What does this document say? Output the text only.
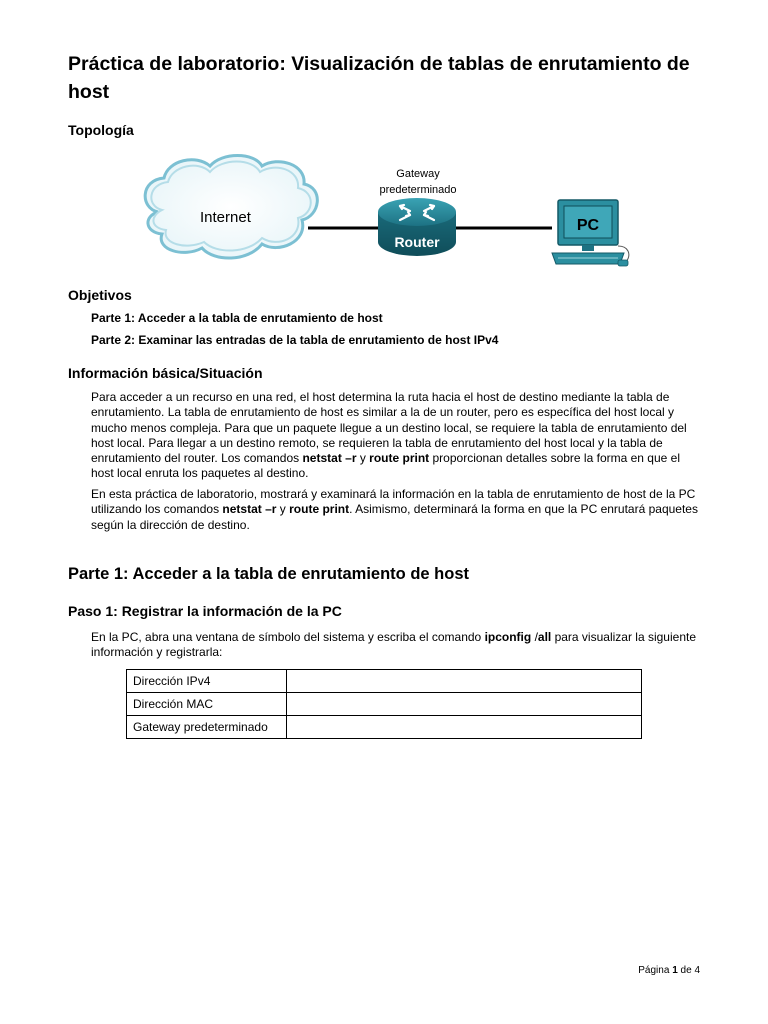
Práctica de laboratorio: Visualización de tablas de enrutamiento de host
Topología
Internet
Gateway
predeterminado
Router
PC
Objetivos
Parte 1: Acceder a la tabla de enrutamiento de host
Parte 2: Examinar las entradas de la tabla de enrutamiento de host IPv4
Información básica/Situación

Para acceder a un recurso en una red, el host determina la ruta hacia el host de destino mediante la tabla de enrutamiento. La tabla de enrutamiento de host es similar a la de un router, pero es específica del host local y mucho menos compleja. Para que un paquete llegue a un destino local, se requiere la tabla de enrutamiento del host local. Para llegar a un destino remoto, se requieren la tabla de enrutamiento del host local y la tabla de enrutamiento del router. Los comandos netstat –r y route print proporcionan detalles sobre la forma en que el host local enruta los paquetes al destino.

En esta práctica de laboratorio, mostrará y examinará la información en la tabla de enrutamiento de host de la PC utilizando los comandos netstat –r y route print. Asimismo, determinará la forma en que la PC enrutará paquetes según la dirección de destino.

Parte 1: Acceder a la tabla de enrutamiento de host
Paso 1: Registrar la información de la PC

En la PC, abra una ventana de símbolo del sistema y escriba el comando ipconfig /all para visualizar la siguiente información y registrarla:

Dirección IPv4	
Dirección MAC	
Gateway predeterminado	
Página 1 de 4
